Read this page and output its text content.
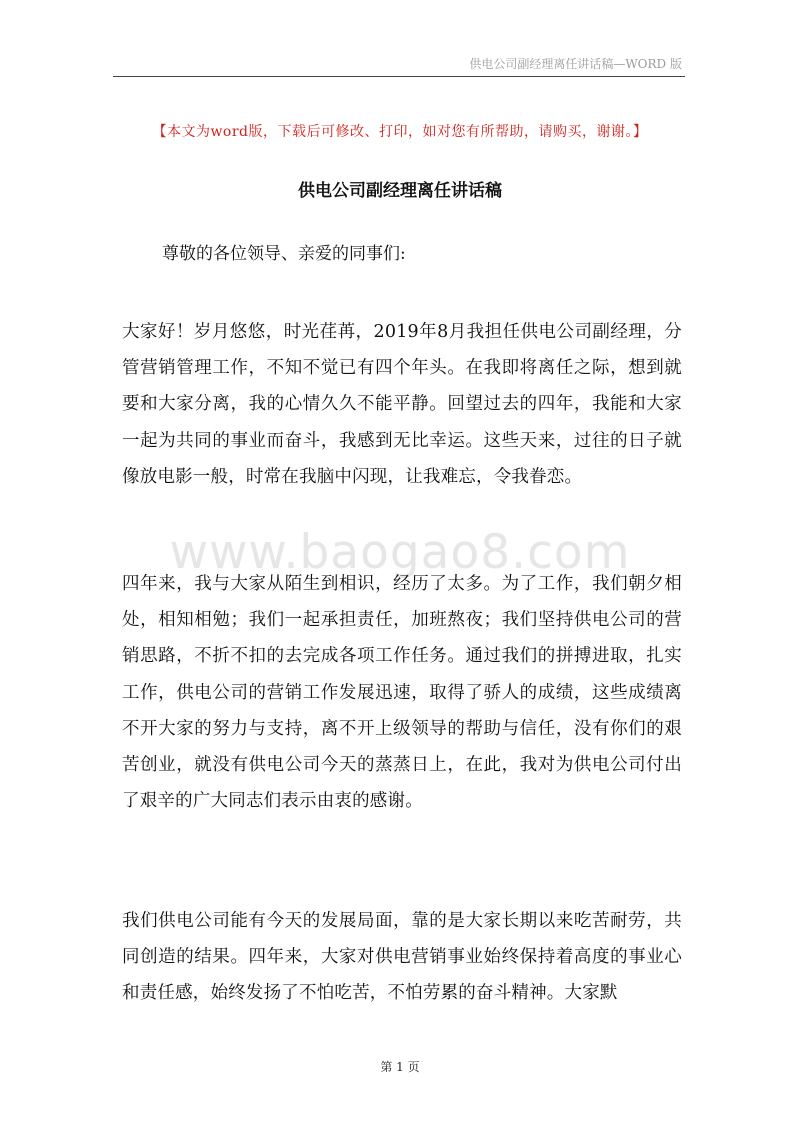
供电公司副经理离任讲话稿—WORD 版
【本文为word版，下载后可修改、打印，如对您有所帮助，请购买，谢谢。】
供电公司副经理离任讲话稿
尊敬的各位领导、亲爱的同事们:

大家好！岁月悠悠，时光荏苒，2019年8月我担任供电公司副经理，分管营销管理工作，不知不觉已有四个年头。在我即将离任之际，想到就要和大家分离，我的心情久久不能平静。回望过去的四年，我能和大家一起为共同的事业而奋斗，我感到无比幸运。这些天来，过往的日子就像放电影一般，时常在我脑中闪现，让我难忘，令我眷恋。

www.baogao8.com

四年来，我与大家从陌生到相识，经历了太多。为了工作，我们朝夕相处，相知相勉；我们一起承担责任，加班熬夜；我们坚持供电公司的营销思路，不折不扣的去完成各项工作任务。通过我们的拼搏进取，扎实工作，供电公司的营销工作发展迅速，取得了骄人的成绩，这些成绩离不开大家的努力与支持，离不开上级领导的帮助与信任，没有你们的艰苦创业，就没有供电公司今天的蒸蒸日上，在此，我对为供电公司付出了艰辛的广大同志们表示由衷的感谢。

我们供电公司能有今天的发展局面，靠的是大家长期以来吃苦耐劳，共同创造的结果。四年来，大家对供电营销事业始终保持着高度的事业心和责任感，始终发扬了不怕吃苦，不怕劳累的奋斗精神。大家默

第 1 页
